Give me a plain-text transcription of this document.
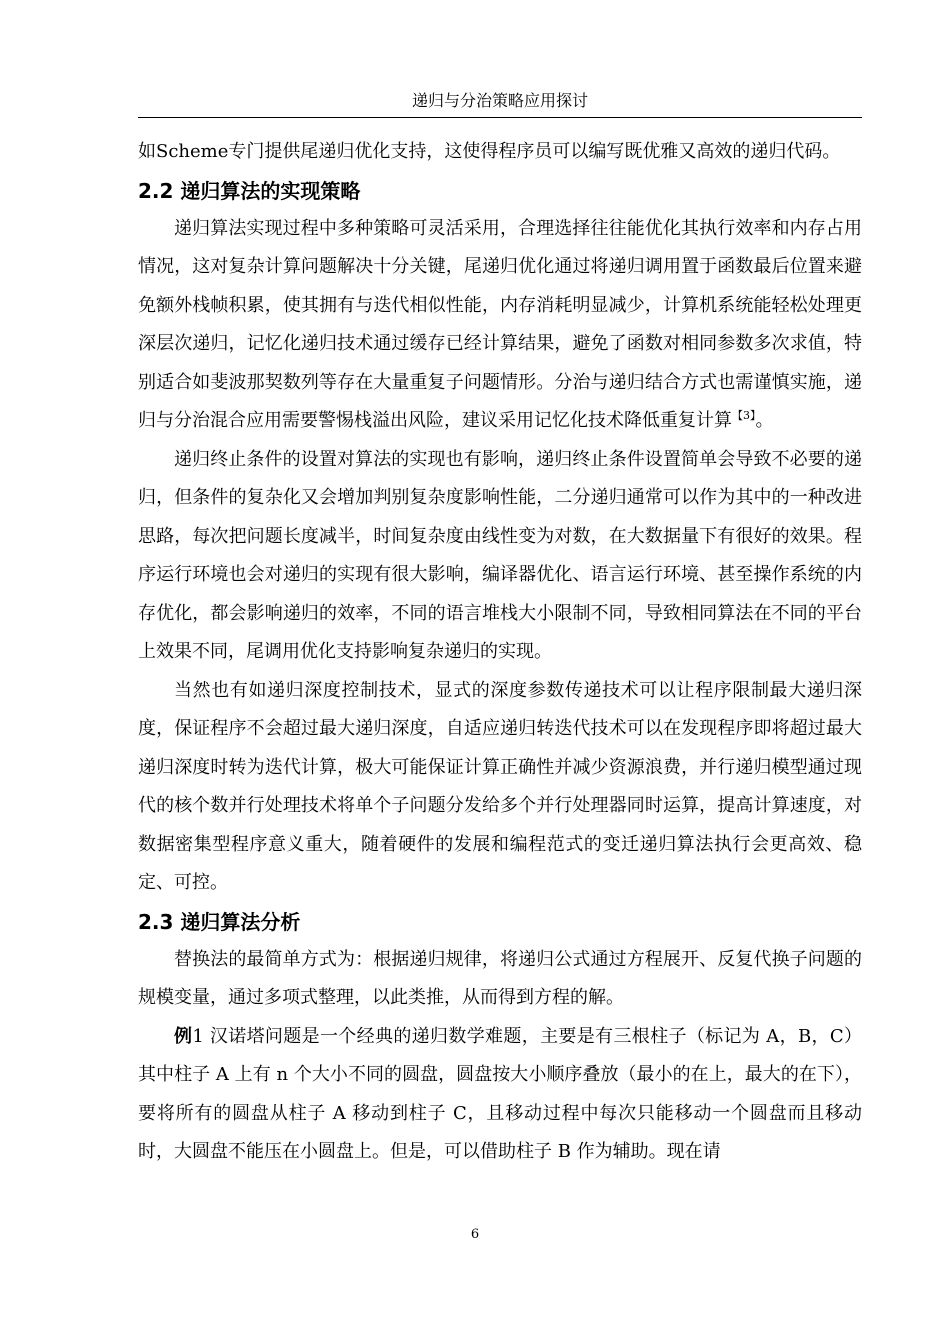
递归与分治策略应用探讨

如Scheme专门提供尾递归优化支持，这使得程序员可以编写既优雅又高效的递归代码。

2.2 递归算法的实现策略

递归算法实现过程中多种策略可灵活采用，合理选择往往能优化其执行效率和内存占用情况，这对复杂计算问题解决十分关键，尾递归优化通过将递归调用置于函数最后位置来避免额外栈帧积累，使其拥有与迭代相似性能，内存消耗明显减少，计算机系统能轻松处理更深层次递归，记忆化递归技术通过缓存已经计算结果，避免了函数对相同参数多次求值，特别适合如斐波那契数列等存在大量重复子问题情形。分治与递归结合方式也需谨慎实施，递归与分治混合应用需要警惕栈溢出风险，建议采用记忆化技术降低重复计算$^{【3】}$。

递归终止条件的设置对算法的实现也有影响，递归终止条件设置简单会导致不必要的递归，但条件的复杂化又会增加判别复杂度影响性能，二分递归通常可以作为其中的一种改进思路，每次把问题长度减半，时间复杂度由线性变为对数，在大数据量下有很好的效果。程序运行环境也会对递归的实现有很大影响，编译器优化、语言运行环境、甚至操作系统的内存优化，都会影响递归的效率，不同的语言堆栈大小限制不同，导致相同算法在不同的平台上效果不同，尾调用优化支持影响复杂递归的实现。

当然也有如递归深度控制技术，显式的深度参数传递技术可以让程序限制最大递归深度，保证程序不会超过最大递归深度，自适应递归转迭代技术可以在发现程序即将超过最大递归深度时转为迭代计算，极大可能保证计算正确性并减少资源浪费，并行递归模型通过现代的核个数并行处理技术将单个子问题分发给多个并行处理器同时运算，提高计算速度，对数据密集型程序意义重大，随着硬件的发展和编程范式的变迁递归算法执行会更高效、稳定、可控。

2.3 递归算法分析

替换法的最简单方式为：根据递归规律，将递归公式通过方程展开、反复代换子问题的规模变量，通过多项式整理，以此类推，从而得到方程的解。

例1 汉诺塔问题是一个经典的递归数学难题，主要是有三根柱子（标记为 A，B，C）其中柱子 A 上有 n 个大小不同的圆盘，圆盘按大小顺序叠放（最小的在上，最大的在下），要将所有的圆盘从柱子 A 移动到柱子 C，且移动过程中每次只能移动一个圆盘而且移动时，大圆盘不能压在小圆盘上。但是，可以借助柱子 B 作为辅助。现在请

6
